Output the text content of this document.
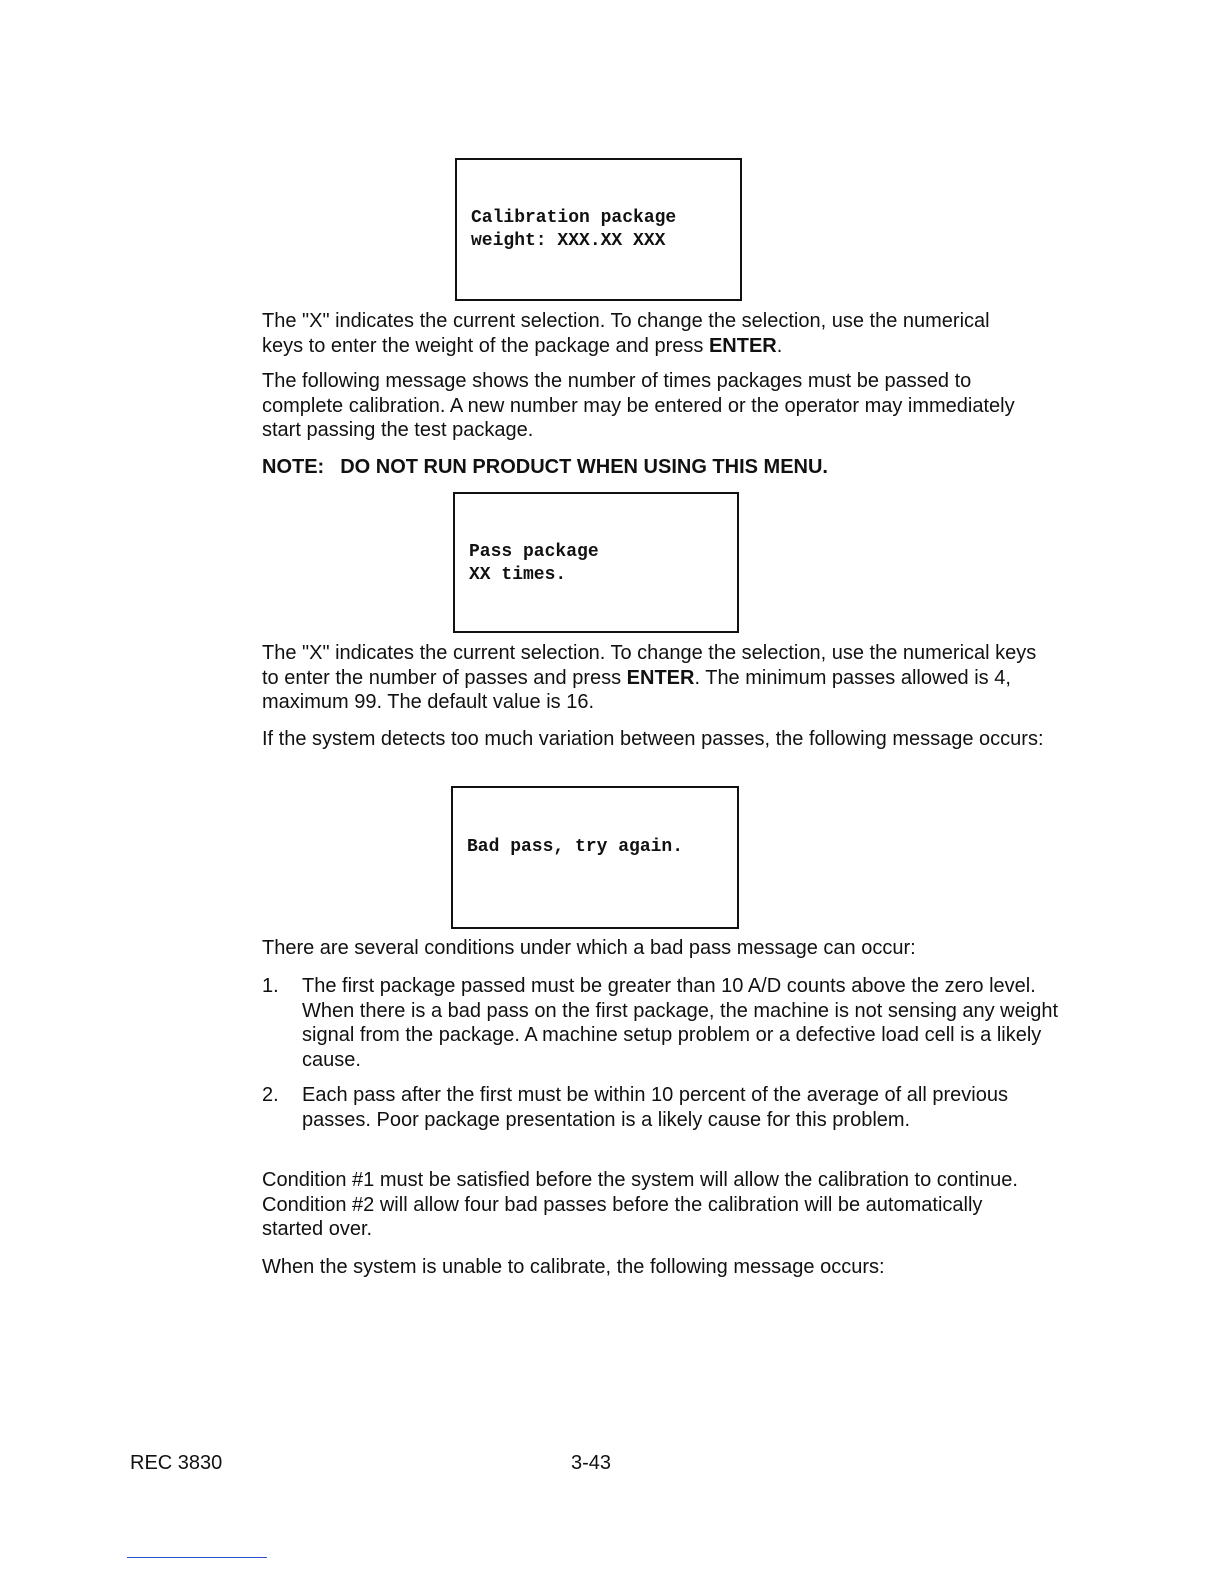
Calibration package
weight: XXX.XX XXX
The "X" indicates the current selection. To change the selection, use the numerical keys to enter the weight of the package and press ENTER.
The following message shows the number of times packages must be passed to complete calibration. A new number may be entered or the operator may immediately start passing the test package.
NOTE: DO NOT RUN PRODUCT WHEN USING THIS MENU.
Pass package
XX times.
The "X" indicates the current selection. To change the selection, use the numerical keys to enter the number of passes and press ENTER. The minimum passes allowed is 4, maximum 99. The default value is 16.
If the system detects too much variation between passes, the following message occurs:
Bad pass, try again.
There are several conditions under which a bad pass message can occur:
1. The first package passed must be greater than 10 A/D counts above the zero level. When there is a bad pass on the first package, the machine is not sensing any weight signal from the package. A machine setup problem or a defective load cell is a likely cause.
2. Each pass after the first must be within 10 percent of the average of all previous passes. Poor package presentation is a likely cause for this problem.
Condition #1 must be satisfied before the system will allow the calibration to continue. Condition #2 will allow four bad passes before the calibration will be automatically started over.
When the system is unable to calibrate, the following message occurs:
REC 3830	3-43
